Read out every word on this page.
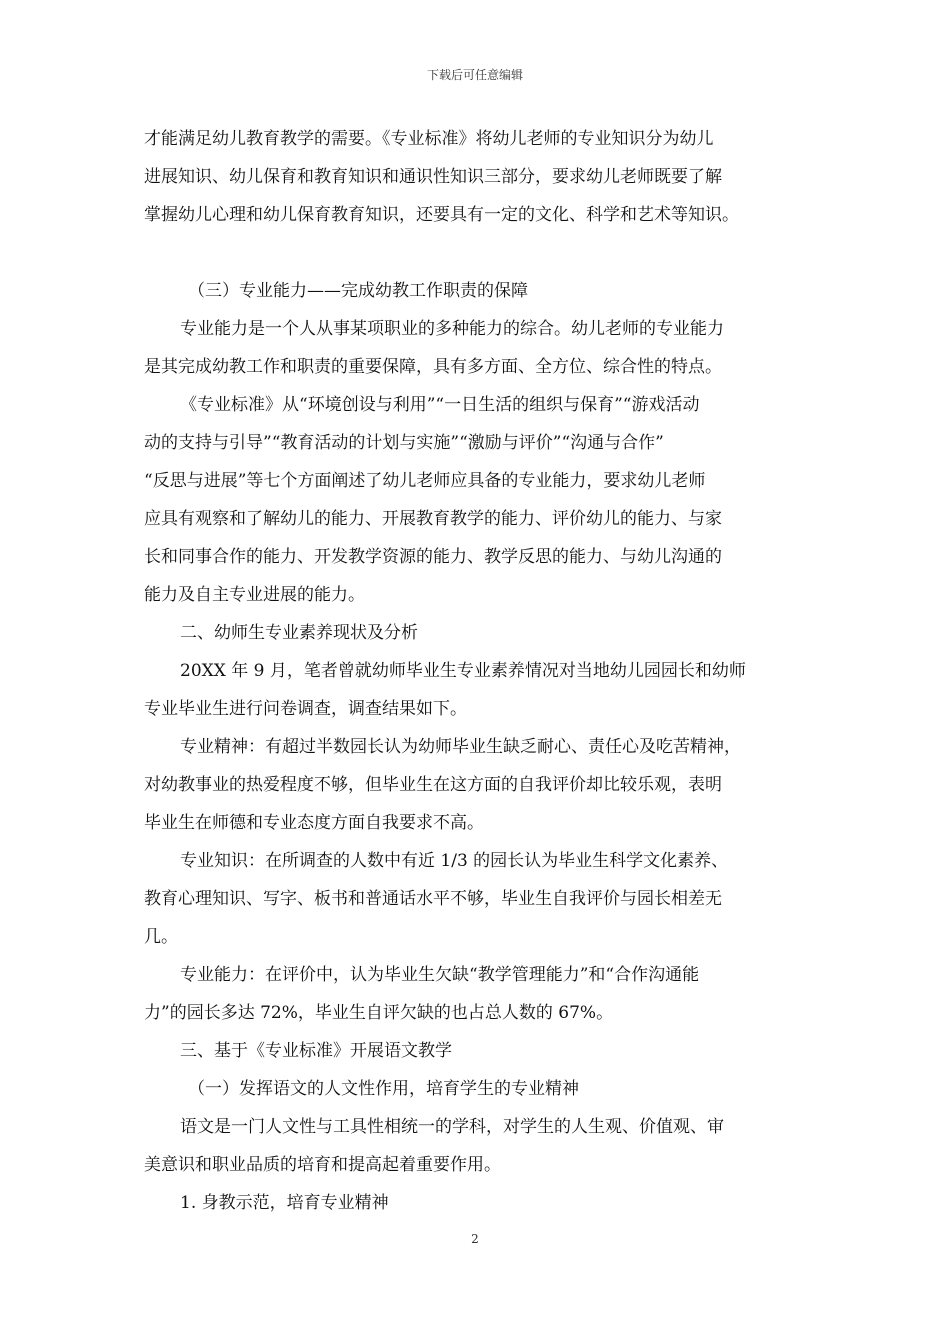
下载后可任意编辑
才能满足幼儿教育教学的需要。《专业标准》将幼儿老师的专业知识分为幼儿
进展知识、幼儿保育和教育知识和通识性知识三部分，要求幼儿老师既要了解
掌握幼儿心理和幼儿保育教育知识，还要具有一定的文化、科学和艺术等知识。
（三）专业能力——完成幼教工作职责的保障
专业能力是一个人从事某项职业的多种能力的综合。幼儿老师的专业能力
是其完成幼教工作和职责的重要保障，具有多方面、全方位、综合性的特点。
《专业标准》从“环境创设与利用”“一日生活的组织与保育”“游戏活动
动的支持与引导”“教育活动的计划与实施”“激励与评价”“沟通与合作”
“反思与进展”等七个方面阐述了幼儿老师应具备的专业能力，要求幼儿老师
应具有观察和了解幼儿的能力、开展教育教学的能力、评价幼儿的能力、与家
长和同事合作的能力、开发教学资源的能力、教学反思的能力、与幼儿沟通的
能力及自主专业进展的能力。
二、幼师生专业素养现状及分析
20XX 年 9 月，笔者曾就幼师毕业生专业素养情况对当地幼儿园园长和幼师
专业毕业生进行问卷调查，调查结果如下。
专业精神：有超过半数园长认为幼师毕业生缺乏耐心、责任心及吃苦精神，
对幼教事业的热爱程度不够，但毕业生在这方面的自我评价却比较乐观，表明
毕业生在师德和专业态度方面自我要求不高。
专业知识：在所调查的人数中有近 1/3 的园长认为毕业生科学文化素养、
教育心理知识、写字、板书和普通话水平不够，毕业生自我评价与园长相差无
几。
专业能力：在评价中，认为毕业生欠缺“教学管理能力”和“合作沟通能
力”的园长多达 72%，毕业生自评欠缺的也占总人数的 67%。
三、基于《专业标准》开展语文教学
（一）发挥语文的人文性作用，培育学生的专业精神
语文是一门人文性与工具性相统一的学科，对学生的人生观、价值观、审
美意识和职业品质的培育和提高起着重要作用。
1. 身教示范，培育专业精神
2
